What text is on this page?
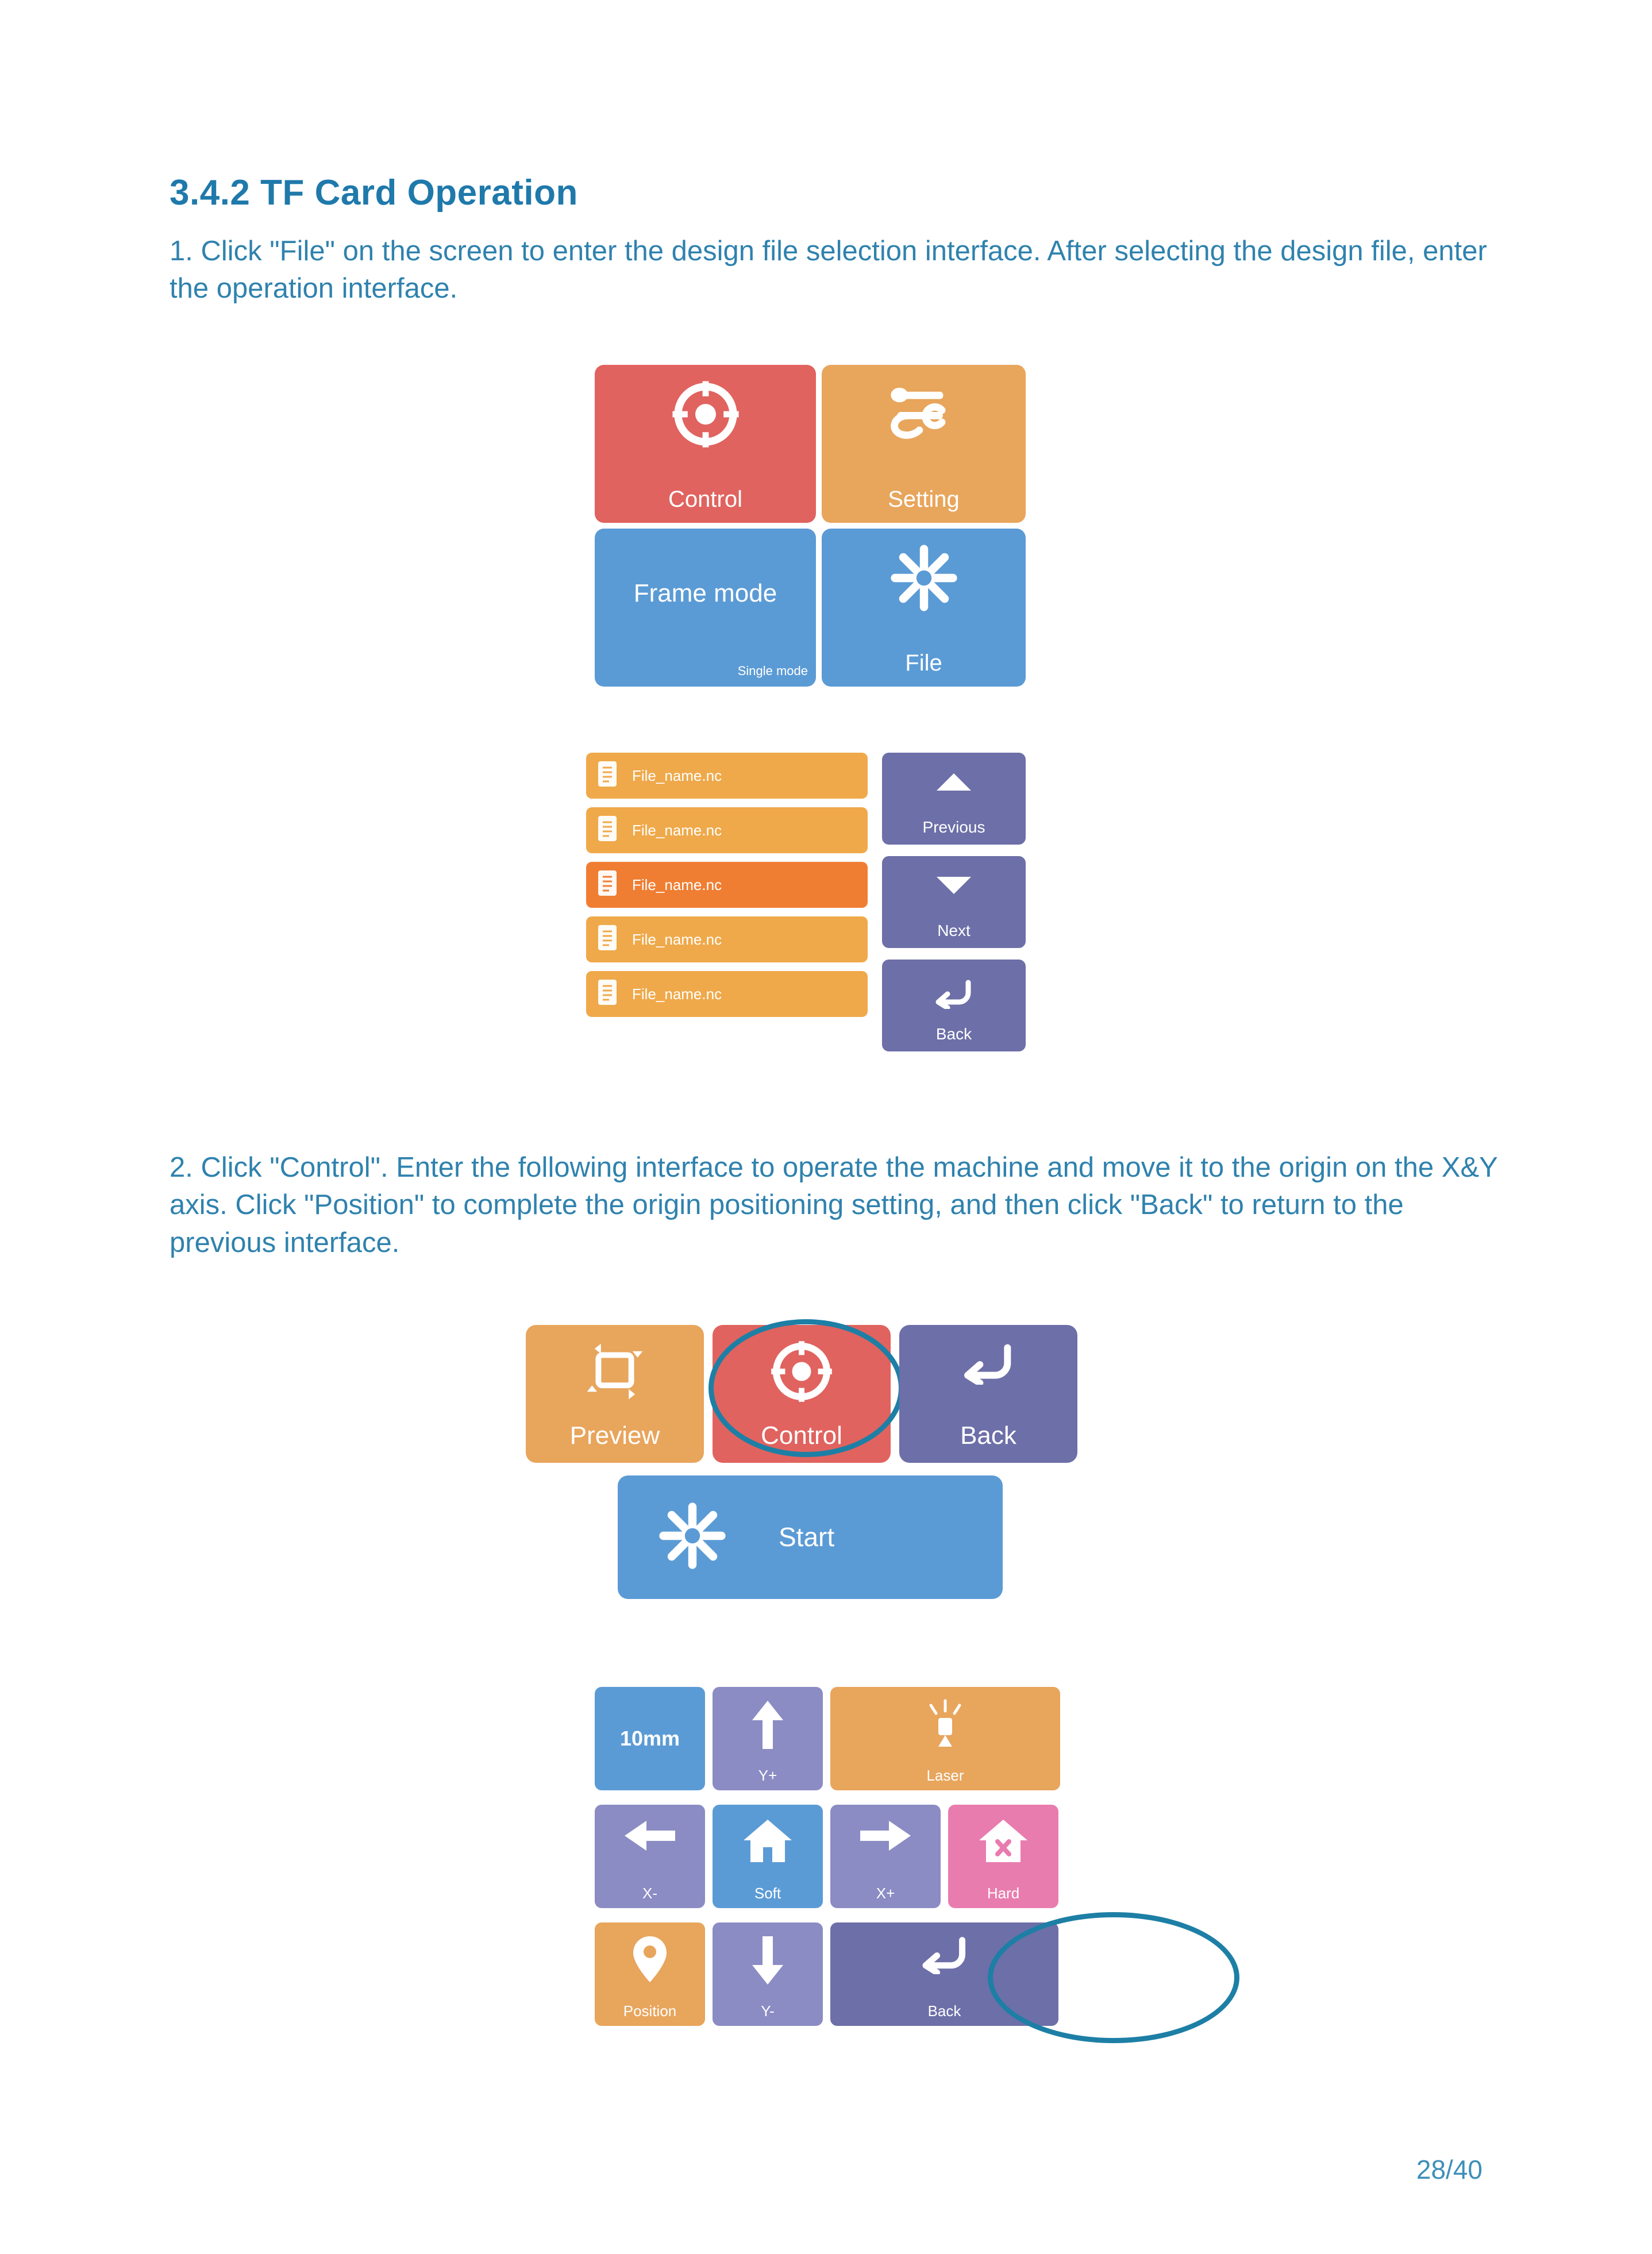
3.4.2 TF Card Operation

1. Click "File" on the screen to enter the design file selection interface. After selecting the design file, enter the operation interface.

Control	Setting
Frame mode
Single mode	File
File_name.nc
File_name.nc
File_name.nc
File_name.nc
File_name.nc
Previous
Next
Back

2. Click "Control". Enter the following interface to operate the machine and move it to the origin on the X&Y axis. Click "Position" to complete the origin positioning setting, and then click "Back" to return to the previous interface.

Preview	Control	Back
Start
10mm
Y+	Laser
X-	Soft	X+	Hard
Position	Y-	Back
28/40
